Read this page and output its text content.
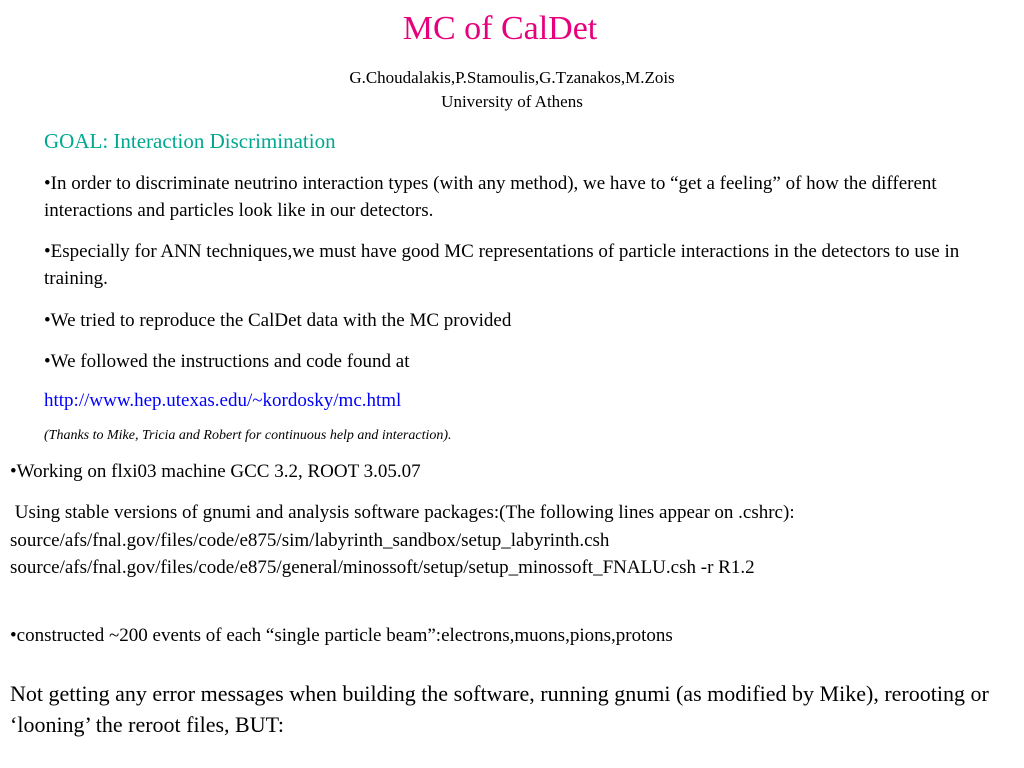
MC of CalDet
G.Choudalakis,P.Stamoulis,G.Tzanakos,M.Zois
University of Athens
GOAL: Interaction Discrimination
•In order to discriminate neutrino interaction types (with any method), we have to “get a feeling” of how the different interactions and particles look like in our detectors.
•Especially for ANN techniques,we must have good MC representations of particle interactions in the detectors to use in training.
•We tried to reproduce the CalDet data with the MC provided
•We followed the instructions and code found at
http://www.hep.utexas.edu/~kordosky/mc.html
(Thanks to Mike, Tricia and Robert for continuous help and interaction).
•Working on flxi03 machine GCC 3.2, ROOT 3.05.07
Using stable versions of gnumi and analysis software packages:(The following lines appear on .cshrc):
source/afs/fnal.gov/files/code/e875/sim/labyrinth_sandbox/setup_labyrinth.csh
source/afs/fnal.gov/files/code/e875/general/minossoft/setup/setup_minossoft_FNALU.csh -r R1.2
•constructed ~200 events of each “single particle beam”:electrons,muons,pions,protons
Not getting any error messages when building the software, running gnumi (as modified by Mike), rerooting or ‘looning’ the reroot files, BUT:
